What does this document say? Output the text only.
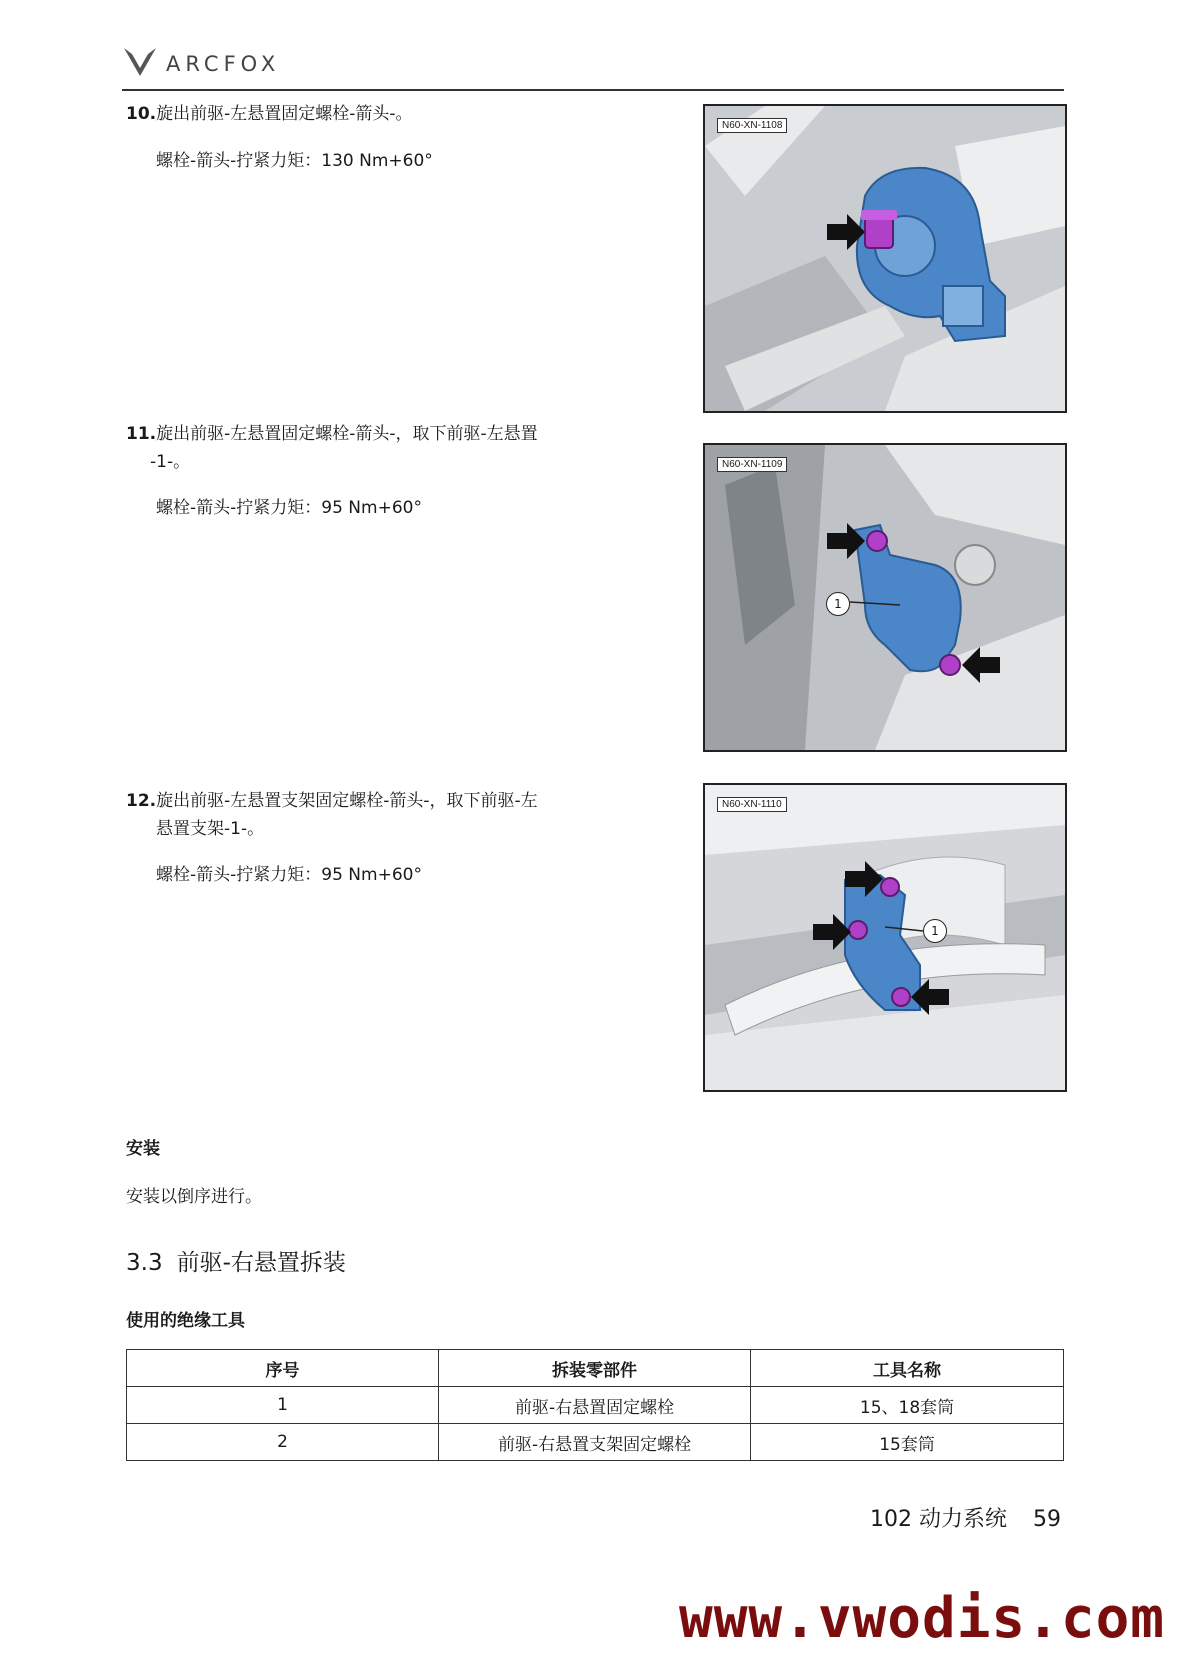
ARCFOX
10.旋出前驱-左悬置固定螺栓-箭头-。
螺栓-箭头-拧紧力矩：130 Nm+60°
N60-XN-1108
11.旋出前驱-左悬置固定螺栓-箭头-，取下前驱-左悬置
-1-。
螺栓-箭头-拧紧力矩：95 Nm+60°
N60-XN-1109
1
12.旋出前驱-左悬置支架固定螺栓-箭头-，取下前驱-左
悬置支架-1-。
螺栓-箭头-拧紧力矩：95 Nm+60°
N60-XN-1110
1
安装
安装以倒序进行。
3.3 前驱-右悬置拆装
使用的绝缘工具
序号	拆装零部件	工具名称
1	前驱-右悬置固定螺栓	15、18套筒
2	前驱-右悬置支架固定螺栓	15套筒
102 动力系统 59
www.vwodis.com
